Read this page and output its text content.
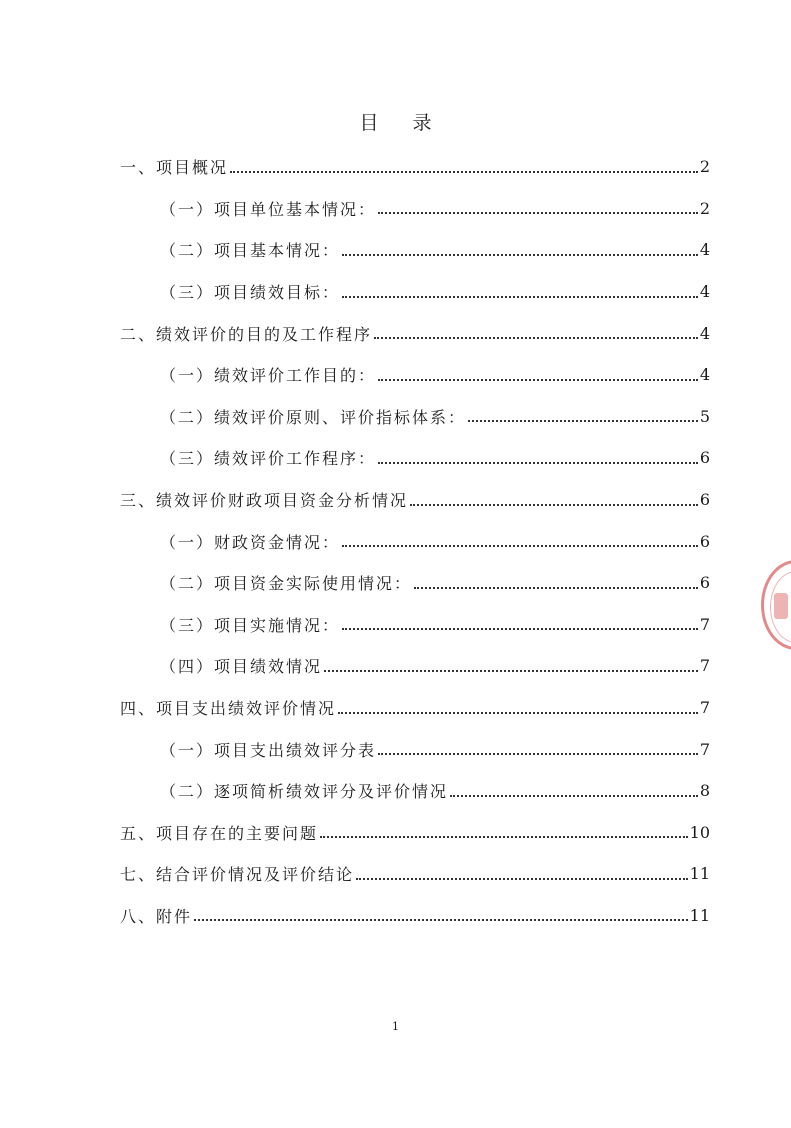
目 录
一、项目概况	2
（一）项目单位基本情况：	2
（二）项目基本情况：	4
（三）项目绩效目标：	4
二、绩效评价的目的及工作程序	4
（一）绩效评价工作目的：	4
（二）绩效评价原则、评价指标体系：	5
（三）绩效评价工作程序：	6
三、绩效评价财政项目资金分析情况	6
（一）财政资金情况：	6
（二）项目资金实际使用情况：	6
（三）项目实施情况：	7
（四）项目绩效情况	7
四、项目支出绩效评价情况	7
（一）项目支出绩效评分表	7
（二）逐项简析绩效评分及评价情况	8
五、项目存在的主要问题	10
七、结合评价情况及评价结论	11
八、附件	11
1
